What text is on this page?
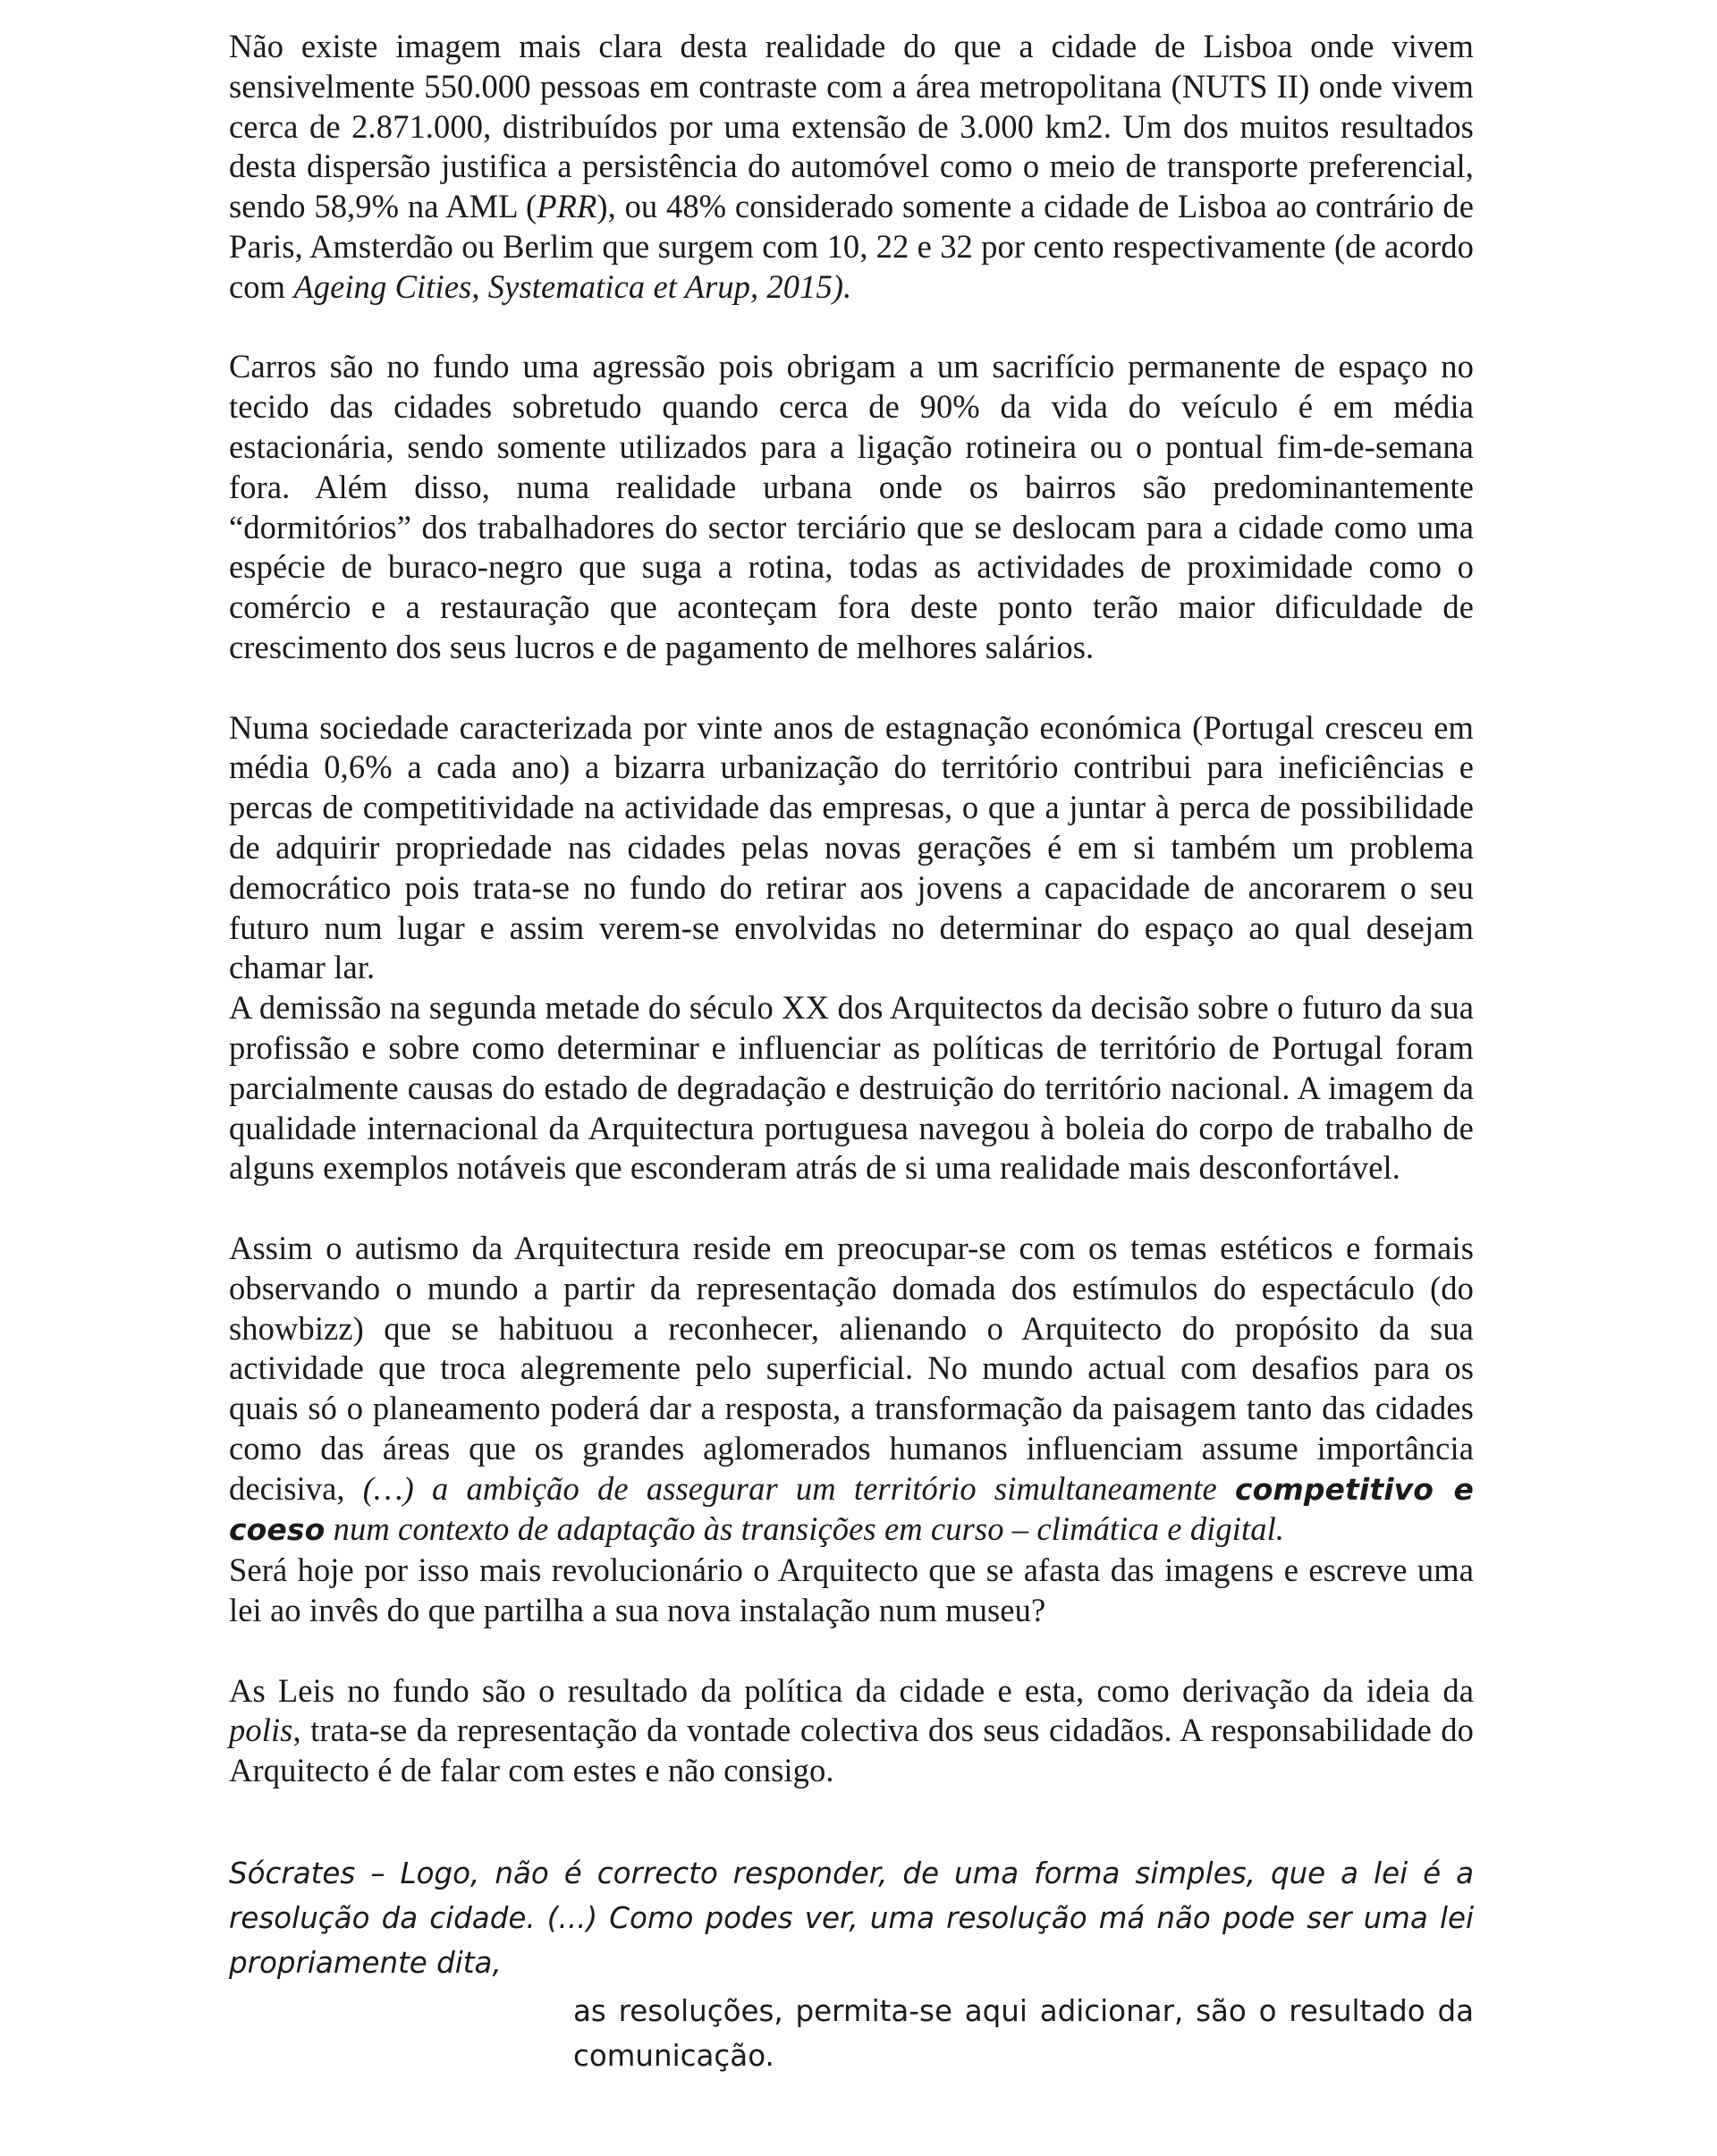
Não existe imagem mais clara desta realidade do que a cidade de Lisboa onde vivem sensivelmente 550.000 pessoas em contraste com a área metropolitana (NUTS II) onde vivem cerca de 2.871.000, distribuídos por uma extensão de 3.000 km2. Um dos muitos resultados desta dispersão justifica a persistência do automóvel como o meio de transporte preferencial, sendo 58,9% na AML (PRR), ou 48% considerado somente a cidade de Lisboa ao contrário de Paris, Amsterdão ou Berlim que surgem com 10, 22 e 32 por cento respectivamente (de acordo com Ageing Cities, Systematica et Arup, 2015).

Carros são no fundo uma agressão pois obrigam a um sacrifício permanente de espaço no tecido das cidades sobretudo quando cerca de 90% da vida do veículo é em média estacionária, sendo somente utilizados para a ligação rotineira ou o pontual fim-de-semana fora. Além disso, numa realidade urbana onde os bairros são predominantemente “dormitórios” dos trabalhadores do sector terciário que se deslocam para a cidade como uma espécie de buraco-negro que suga a rotina, todas as actividades de proximidade como o comércio e a restauração que aconteçam fora deste ponto terão maior dificuldade de crescimento dos seus lucros e de pagamento de melhores salários.

Numa sociedade caracterizada por vinte anos de estagnação económica (Portugal cresceu em média 0,6% a cada ano) a bizarra urbanização do território contribui para ineficiências e percas de competitividade na actividade das empresas, o que a juntar à perca de possibilidade de adquirir propriedade nas cidades pelas novas gerações é em si também um problema democrático pois trata-se no fundo do retirar aos jovens a capacidade de ancorarem o seu futuro num lugar e assim verem-se envolvidas no determinar do espaço ao qual desejam chamar lar.

A demissão na segunda metade do século XX dos Arquitectos da decisão sobre o futuro da sua profissão e sobre como determinar e influenciar as políticas de território de Portugal foram parcialmente causas do estado de degradação e destruição do território nacional. A imagem da qualidade internacional da Arquitectura portuguesa navegou à boleia do corpo de trabalho de alguns exemplos notáveis que esconderam atrás de si uma realidade mais desconfortável.

Assim o autismo da Arquitectura reside em preocupar-se com os temas estéticos e formais observando o mundo a partir da representação domada dos estímulos do espectáculo (do showbizz) que se habituou a reconhecer, alienando o Arquitecto do propósito da sua actividade que troca alegremente pelo superficial. No mundo actual com desafios para os quais só o planeamento poderá dar a resposta, a transformação da paisagem tanto das cidades como das áreas que os grandes aglomerados humanos influenciam assume importância decisiva, (…) a ambição de assegurar um território simultaneamente competitivo e coeso num contexto de adaptação às transições em curso – climática e digital.

Será hoje por isso mais revolucionário o Arquitecto que se afasta das imagens e escreve uma lei ao invês do que partilha a sua nova instalação num museu?

As Leis no fundo são o resultado da política da cidade e esta, como derivação da ideia da polis, trata-se da representação da vontade colectiva dos seus cidadãos. A responsabilidade do Arquitecto é de falar com estes e não consigo.

Sócrates – Logo, não é correcto responder, de uma forma simples, que a lei é a resolução da cidade. (...) Como podes ver, uma resolução má não pode ser uma lei propriamente dita,

as resoluções, permita-se aqui adicionar, são o resultado da comunicação.
